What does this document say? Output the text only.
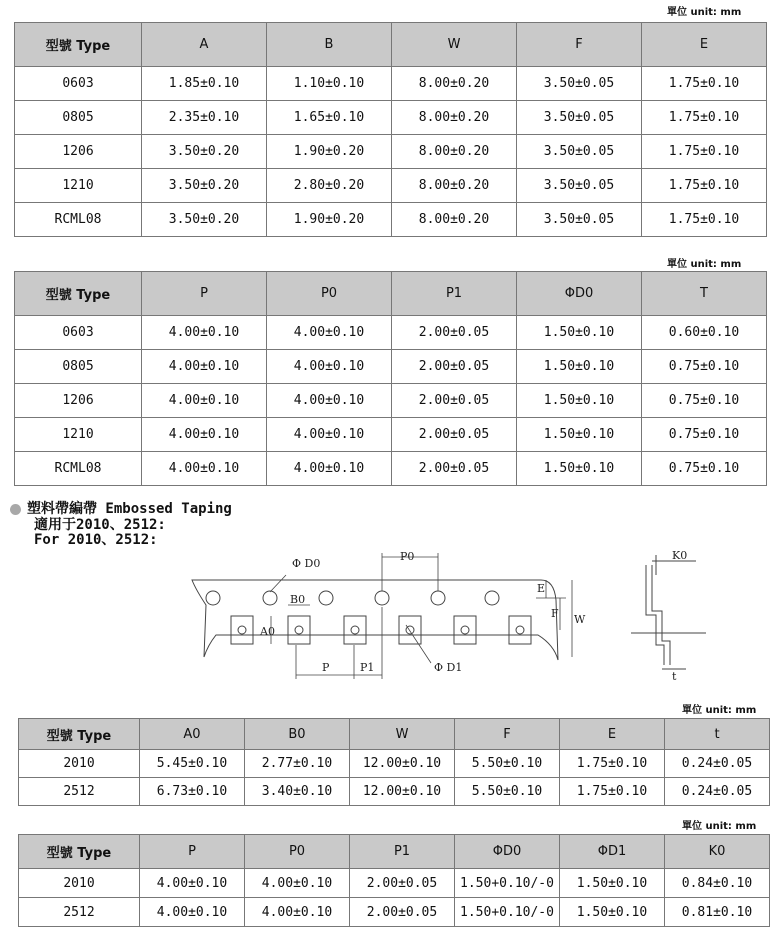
單位 unit: mm
單位 unit: mm
單位 unit: mm
單位 unit: mm
型號 Type	A	B	W	F	E
0603	1.85±0.10	1.10±0.10	8.00±0.20	3.50±0.05	1.75±0.10
0805	2.35±0.10	1.65±0.10	8.00±0.20	3.50±0.05	1.75±0.10
1206	3.50±0.20	1.90±0.20	8.00±0.20	3.50±0.05	1.75±0.10
1210	3.50±0.20	2.80±0.20	8.00±0.20	3.50±0.05	1.75±0.10
RCML08	3.50±0.20	1.90±0.20	8.00±0.20	3.50±0.05	1.75±0.10
型號 Type	P	P0	P1	ΦD0	T
0603	4.00±0.10	4.00±0.10	2.00±0.05	1.50±0.10	0.60±0.10
0805	4.00±0.10	4.00±0.10	2.00±0.05	1.50±0.10	0.75±0.10
1206	4.00±0.10	4.00±0.10	2.00±0.05	1.50±0.10	0.75±0.10
1210	4.00±0.10	4.00±0.10	2.00±0.05	1.50±0.10	0.75±0.10
RCML08	4.00±0.10	4.00±0.10	2.00±0.05	1.50±0.10	0.75±0.10
塑料帶編帶 Embossed Taping
適用于2010、2512:
For 2010、2512:
Φ D0
P0
B0
A0
P	P1	Φ D1
E
F W
K0
t
型號 Type	A0	B0	W	F	E	t
2010	5.45±0.10	2.77±0.10	12.00±0.10	5.50±0.10	1.75±0.10	0.24±0.05
2512	6.73±0.10	3.40±0.10	12.00±0.10	5.50±0.10	1.75±0.10	0.24±0.05
型號 Type	P	P0	P1	ΦD0	ΦD1	K0
2010	4.00±0.10	4.00±0.10	2.00±0.05	1.50+0.10/-0	1.50±0.10	0.84±0.10
2512	4.00±0.10	4.00±0.10	2.00±0.05	1.50+0.10/-0	1.50±0.10	0.81±0.10
